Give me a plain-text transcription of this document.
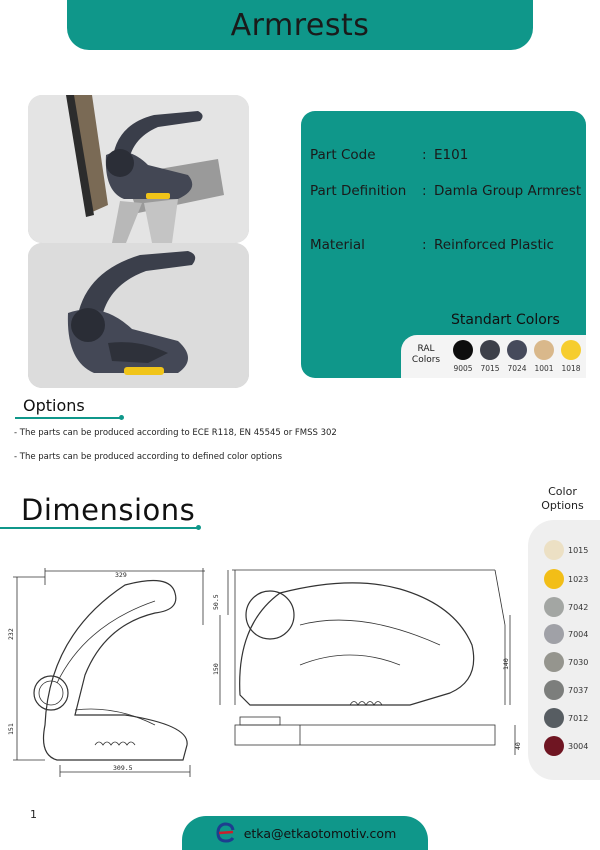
Armrests
Part Code	: E101
Part Definition : Damla Group Armrest
Material	: Reinforced Plastic
Standart Colors
RAL Colors
9005	7015	7024	1001	1018
Options
- The parts can be produced according to ECE R118, EN 45545 or FMSS 302
- The parts can be produced according to defined color options
Dimensions
329
232
151
309.5
50.5
150	140
40
Color
Options
1015
1023
7042
7004
7030
7037
7012
3004
1
etka@etkaotomotiv.com
